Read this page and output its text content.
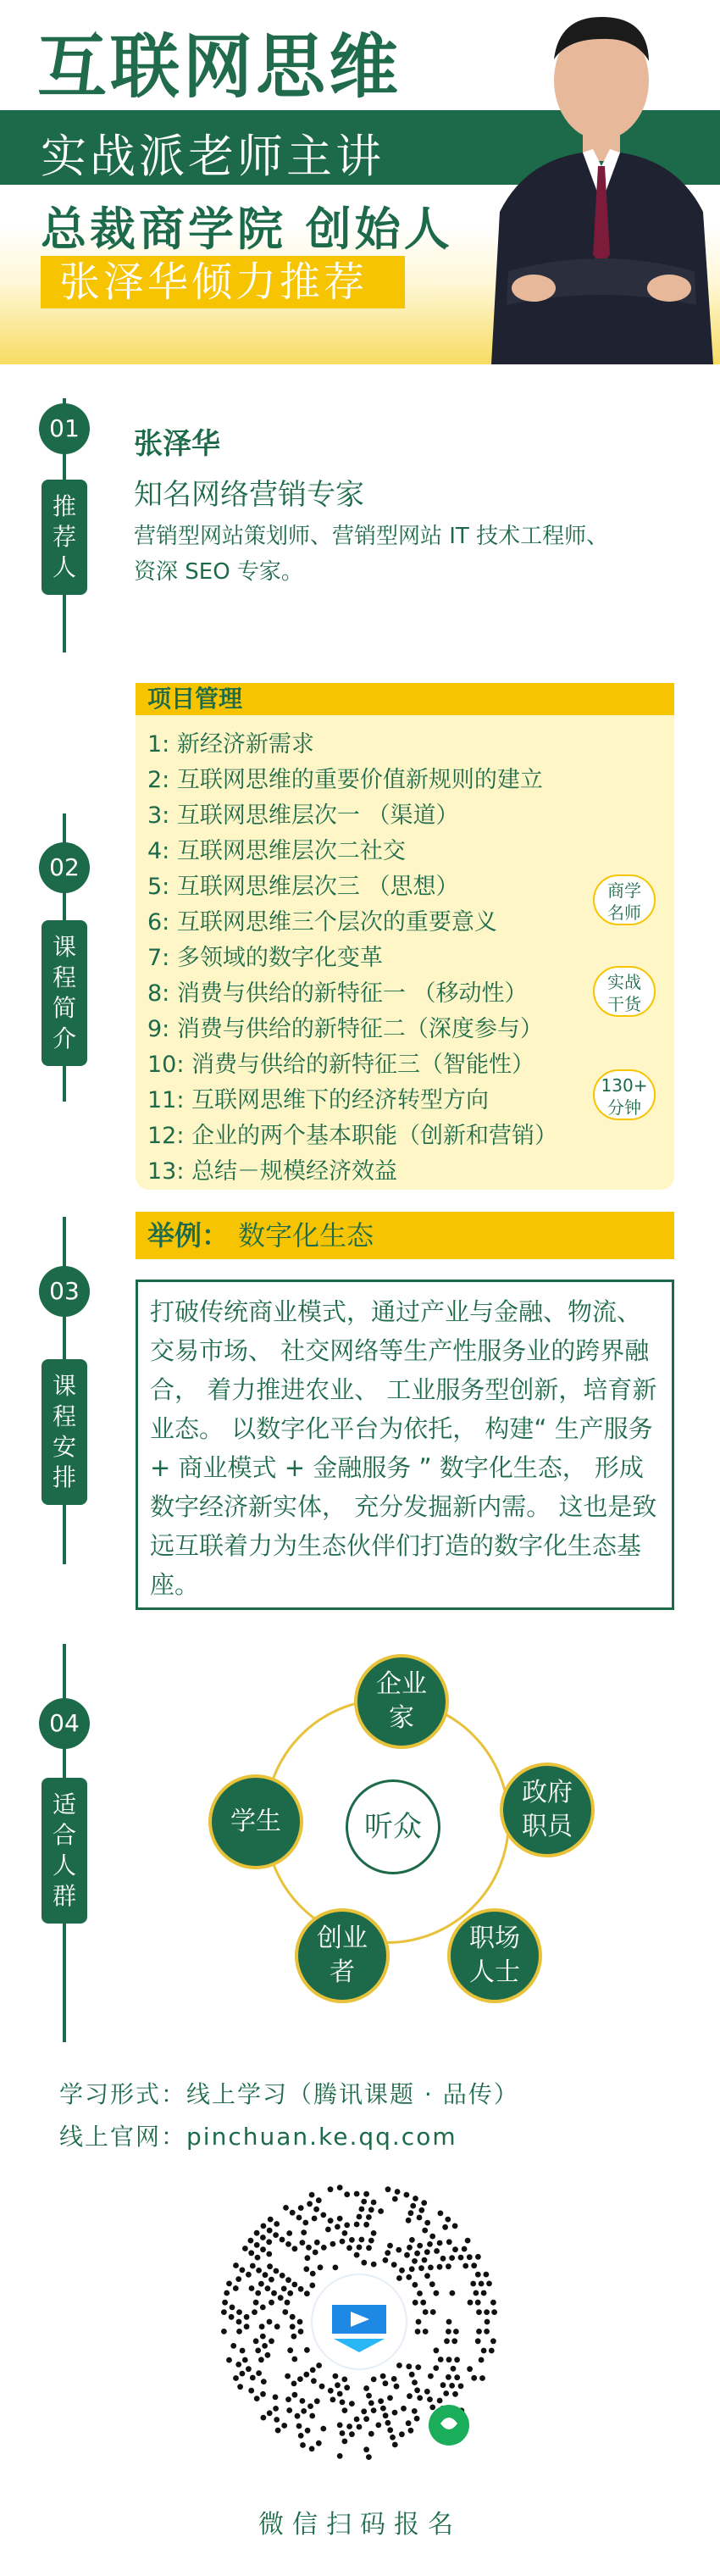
互联网思维
实战派老师主讲
总裁商学院 创始人
张泽华倾力推荐
01
推
荐
人
张泽华
知名网络营销专家
营销型网站策划师、营销型网站 IT 技术工程师、
资深 SEO 专家。
02
课
程
简
介
项目管理
1: 新经济新需求
2: 互联网思维的重要价值新规则的建立
3: 互联网思维层次一 （渠道）
4: 互联网思维层次二社交
5: 互联网思维层次三 （思想）
6: 互联网思维三个层次的重要意义
7: 多领域的数字化变革
8: 消费与供给的新特征一 （移动性）
9: 消费与供给的新特征二（深度参与）
10: 消费与供给的新特征三（智能性）
11: 互联网思维下的经济转型方向
12: 企业的两个基本职能（创新和营销）
13: 总结－规模经济效益
商学
名师
实战
干货
130+
分钟
03
课
程
安
排
举例： 数字化生态
打破传统商业模式，通过产业与金融、物流、交易市场、 社交网络等生产性服务业的跨界融合， 着力推进农业、 工业服务型创新，培育新业态。 以数字化平台为依托， 构建“ 生产服务 + 商业模式 + 金融服务 ” 数字化生态， 形成数字经济新实体， 充分发掘新内需。 这也是致远互联着力为生态伙伴们打造的数字化生态基座。
04
适
合
人
群
听众
企业
家
政府
职员
职场
人士
创业
者
学生
学习形式：线上学习（腾讯课题 · 品传）
线上官网：pinchuan.ke.qq.com
微信扫码报名
